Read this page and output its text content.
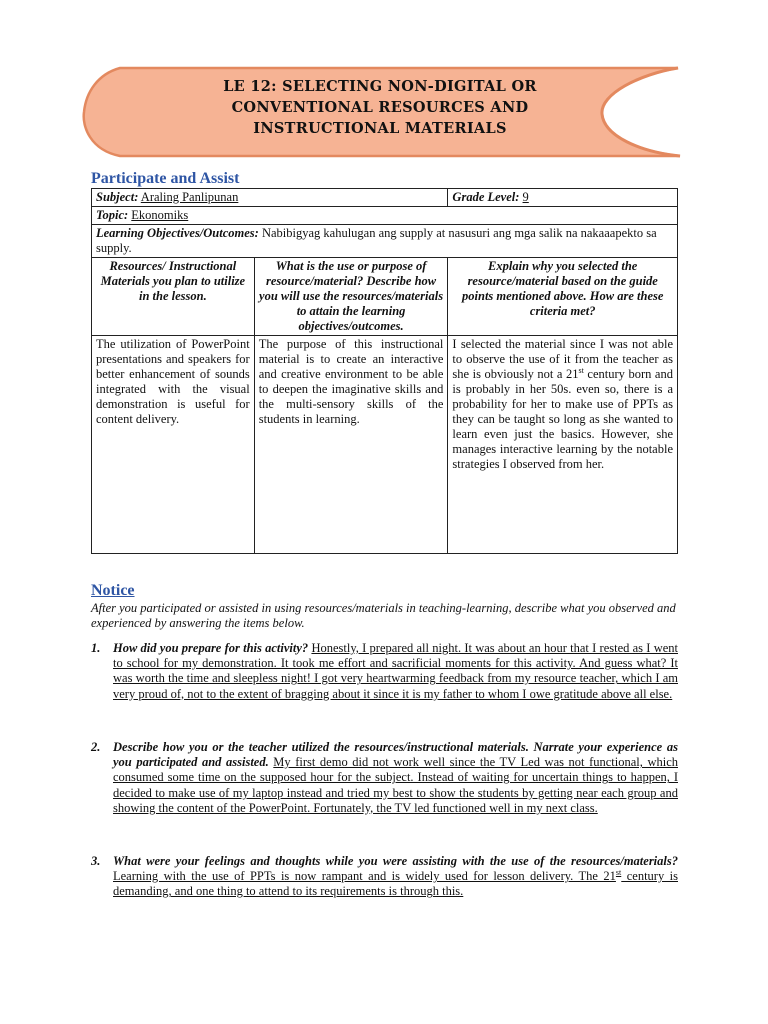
LE 12: SELECTING NON-DIGITAL OR
CONVENTIONAL RESOURCES AND
INSTRUCTIONAL MATERIALS
Participate and Assist
Subject: Araling Panlipunan		Grade Level: 9
Topic: Ekonomiks		
Learning Objectives/Outcomes: Nabibigyag kahulugan ang supply at nasusuri ang mga salik na nakaaapekto sa supply.		
Resources/ Instructional Materials you plan to utilize in the lesson.	What is the use or purpose of resource/material? Describe how you will use the resources/materials to attain the learning objectives/outcomes.	Explain why you selected the resource/material based on the guide points mentioned above. How are these criteria met?
The utilization of PowerPoint presentations and speakers for better enhancement of sounds integrated with the visual demonstration is useful for content delivery.	The purpose of this instructional material is to create an interactive and creative environment to be able to deepen the imaginative skills and the multi-sensory skills of the students in learning.	I selected the material since I was not able to observe the use of it from the teacher as she is obviously not a 21st century born and is probably in her 50s. even so, there is a probability for her to make use of PPTs as they can be taught so long as she wanted to learn even just the basics. However, she manages interactive learning by the notable strategies I observed from her.
Notice
After you participated or assisted in using resources/materials in teaching-learning, describe what you observed and experienced by answering the items below.
1. How did you prepare for this activity? Honestly, I prepared all night. It was about an hour that I rested as I went to school for my demonstration. It took me effort and sacrificial moments for this activity. And guess what? It was worth the time and sleepless night! I got very heartwarming feedback from my resource teacher, which I am very proud of, not to the extent of bragging about it since it is my father to whom I owe gratitude above all else.
2. Describe how you or the teacher utilized the resources/instructional materials. Narrate your experience as you participated and assisted. My first demo did not work well since the TV Led was not functional, which consumed some time on the supposed hour for the subject. Instead of waiting for uncertain things to happen, I decided to make use of my laptop instead and tried my best to show the students by getting near each group and showing the content of the PowerPoint. Fortunately, the TV led functioned well in my next class.
3. What were your feelings and thoughts while you were assisting with the use of the resources/materials? Learning with the use of PPTs is now rampant and is widely used for lesson delivery. The 21st century is demanding, and one thing to attend to its requirements is through this.
